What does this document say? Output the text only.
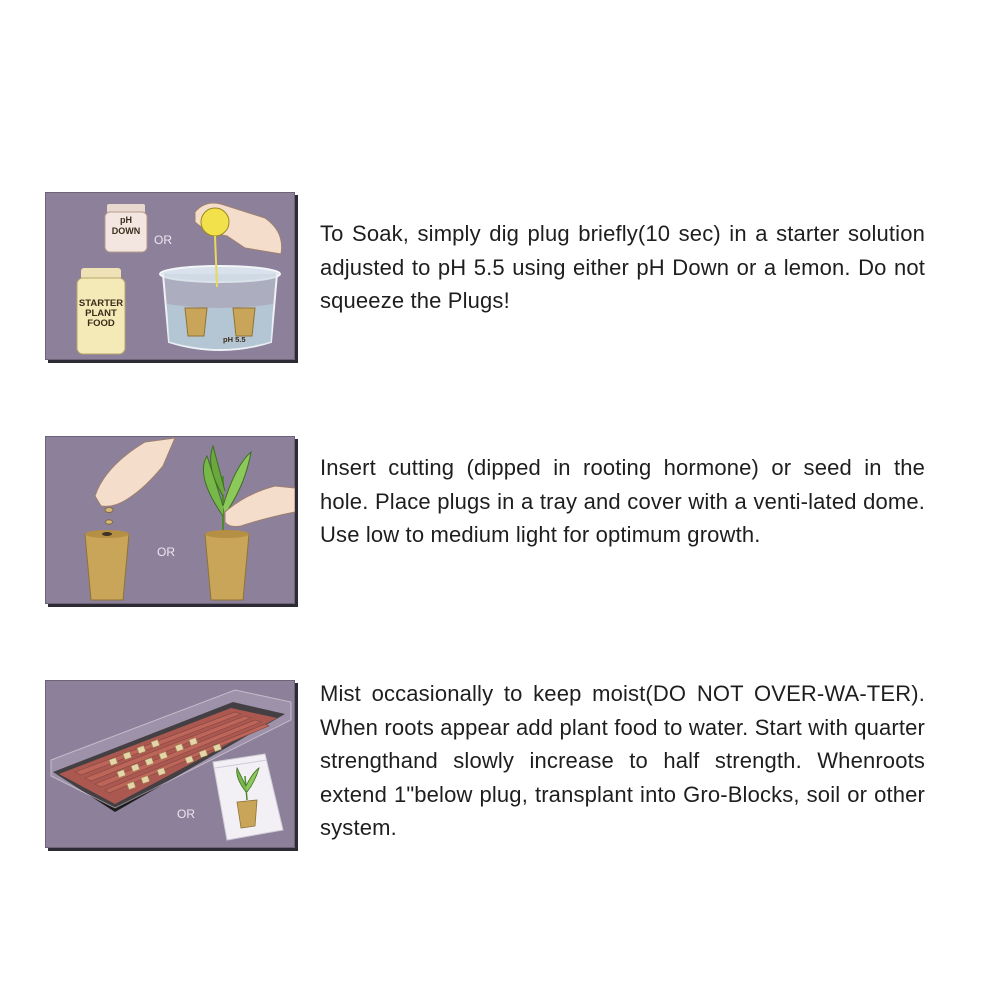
pH
DOWN
OR
STARTER
PLANT
FOOD
pH 5.5

To Soak, simply dig plug briefly(10 sec) in a starter solution adjusted to pH 5.5 using either pH Down or a lemon. Do not squeeze the Plugs!

OR

Insert cutting (dipped in rooting hormone) or seed in the hole. Place plugs in a tray and cover with a venti-lated dome. Use low to medium light for optimum growth.

OR

Mist occasionally to keep moist(DO NOT OVER-WA-TER). When roots appear add plant food to water. Start with quarter strengthand slowly increase to half strength. Whenroots extend 1"below plug, transplant into Gro-Blocks, soil or other system.
